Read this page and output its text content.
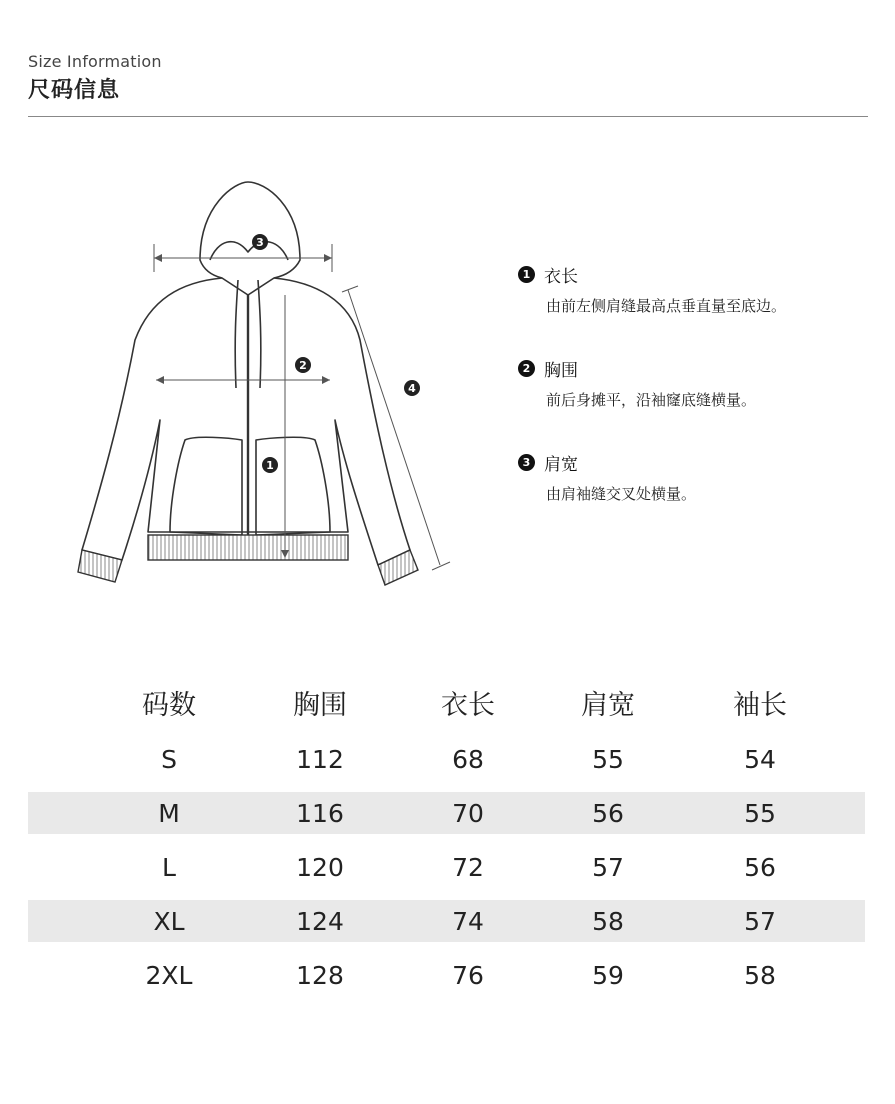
Size Information
尺码信息
3
2
1
4
1 衣长
由前左侧肩缝最高点垂直量至底边。
2 胸围
前后身摊平，沿袖窿底缝横量。
3 肩宽
由肩袖缝交叉处横量。
码数	胸围	衣长	肩宽	袖长
S	112	68	55	54
M	116	70	56	55
L	120	72	57	56
XL	124	74	58	57
2XL	128	76	59	58
